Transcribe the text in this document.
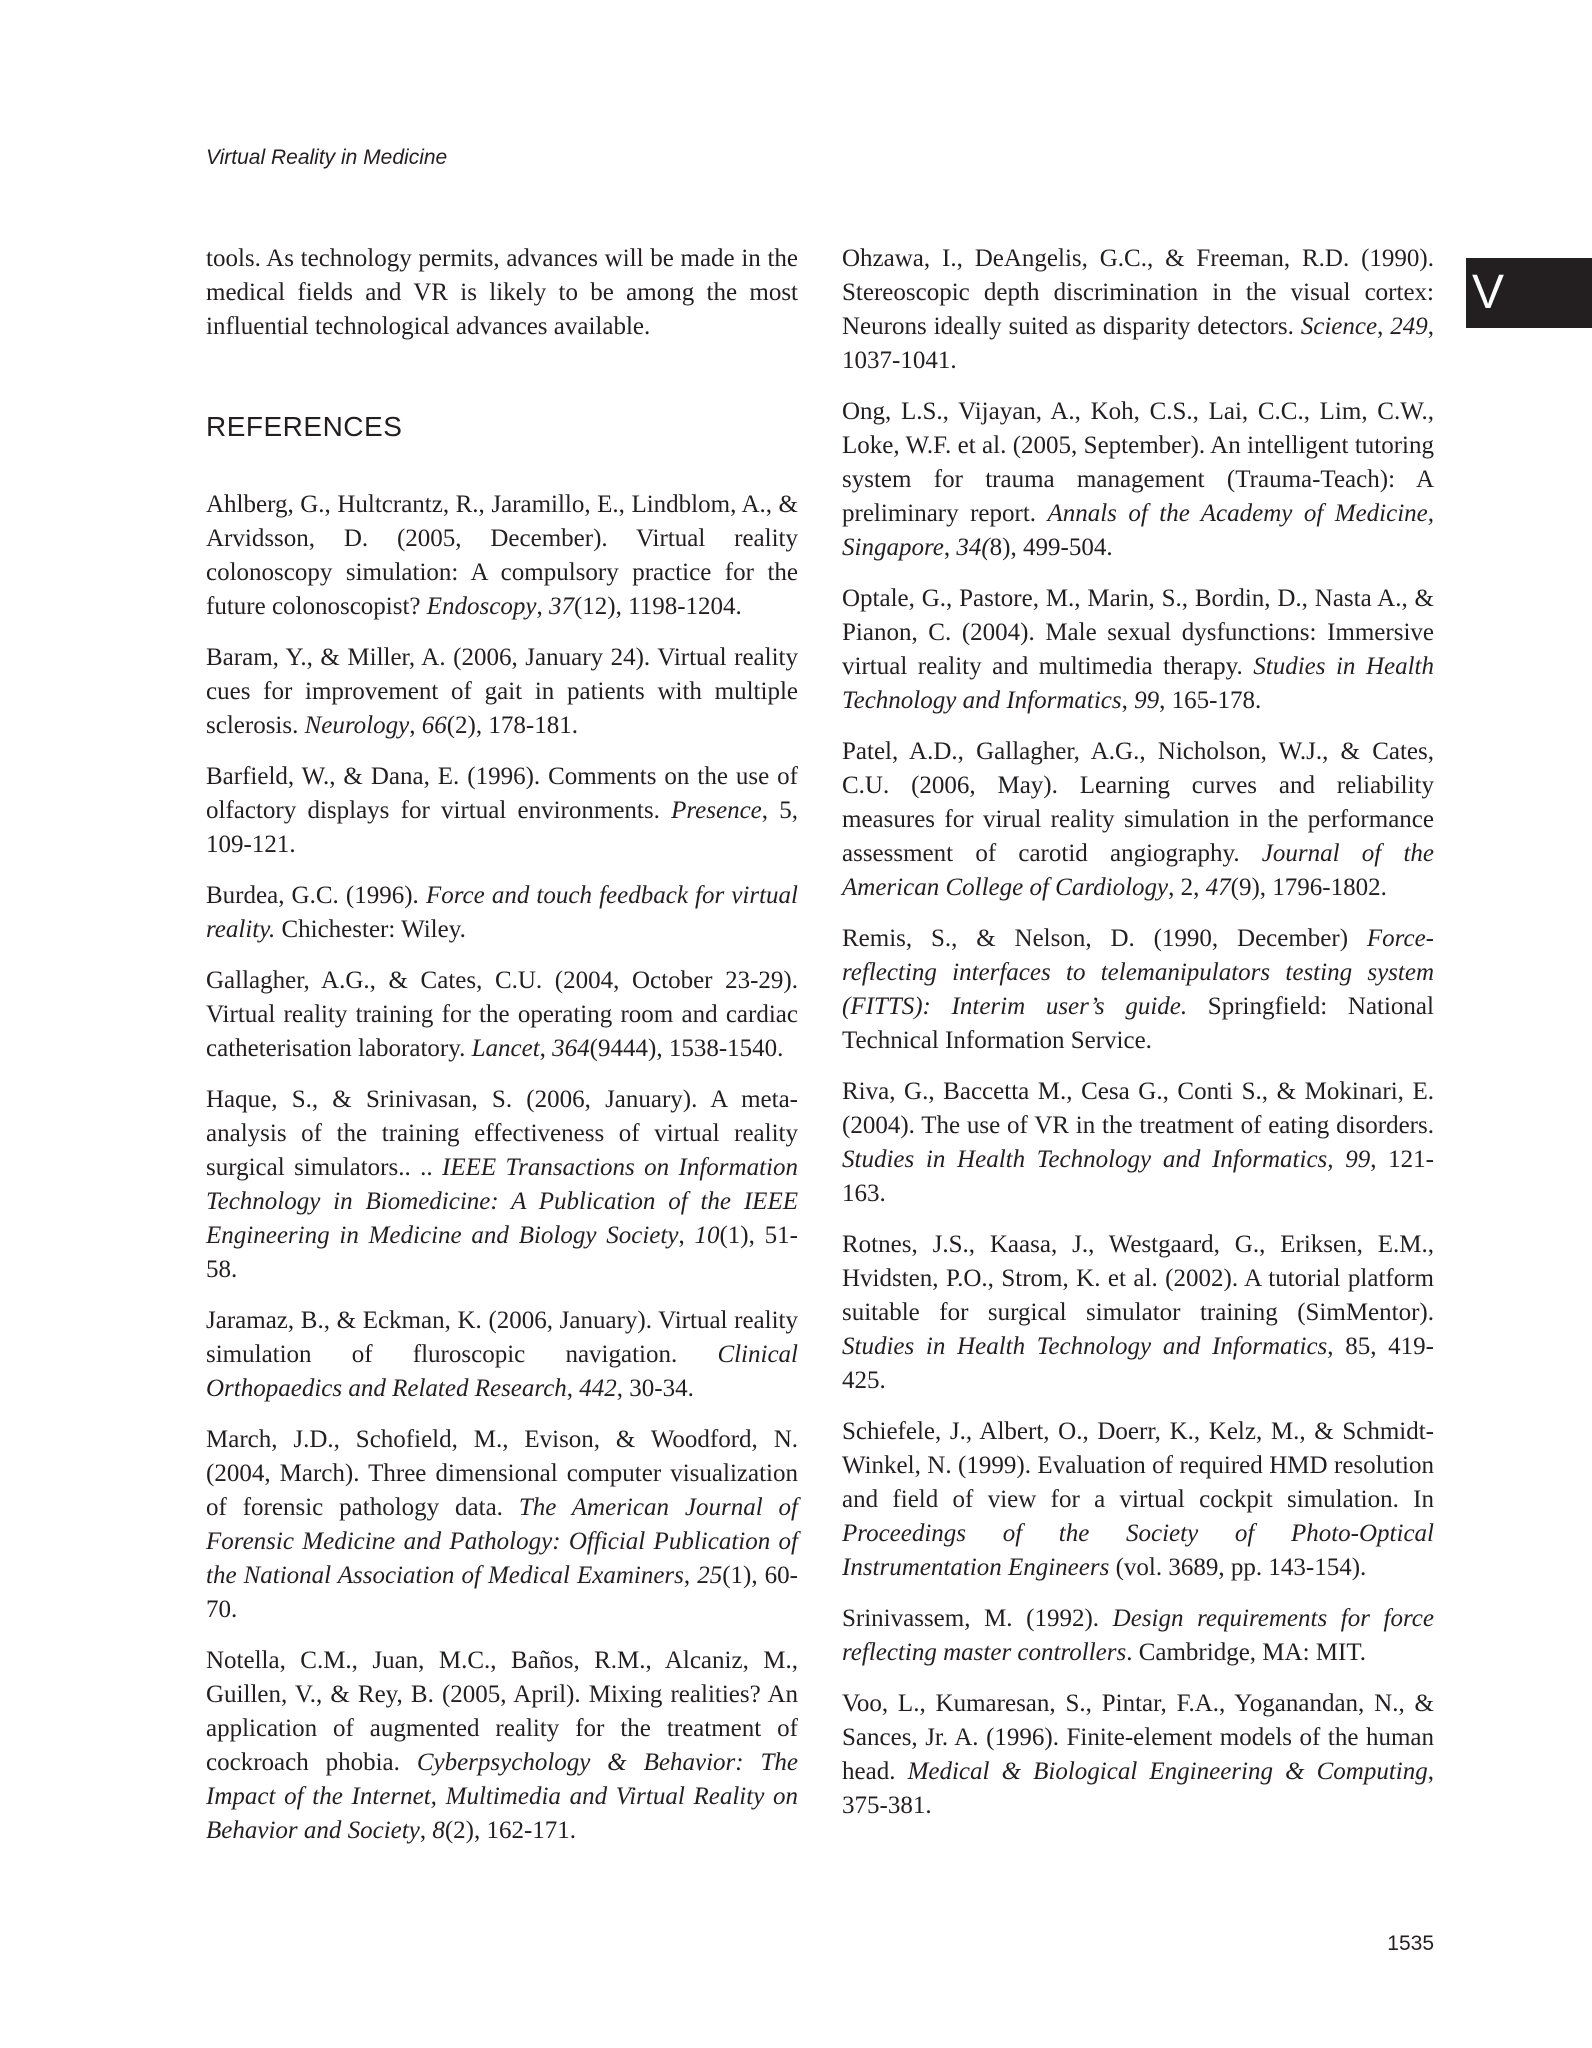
Virtual Reality in Medicine
V

tools. As technology permits, advances will be made in the medical fields and VR is likely to be among the most influential technological advances available.

REFERENCES

Ahlberg, G., Hultcrantz, R., Jaramillo, E., Lindblom, A., & Arvidsson, D. (2005, December). Virtual reality colonoscopy simulation: A compulsory practice for the future colonoscopist? Endoscopy, 37(12), 1198-1204.

Baram, Y., & Miller, A. (2006, January 24). Virtual reality cues for improvement of gait in patients with multiple sclerosis. Neurology, 66(2), 178-181.

Barfield, W., & Dana, E. (1996). Comments on the use of olfactory displays for virtual environments. Presence, 5, 109-121.

Burdea, G.C. (1996). Force and touch feedback for virtual reality. Chichester: Wiley.

Gallagher, A.G., & Cates, C.U. (2004, October 23-29). Virtual reality training for the operating room and cardiac catheterisation laboratory. Lancet, 364(9444), 1538-1540.

Haque, S., & Srinivasan, S. (2006, January). A meta-analysis of the training effectiveness of virtual reality surgical simulators.. .. IEEE Transactions on Information Technology in Biomedicine: A Publication of the IEEE Engineering in Medicine and Biology Society, 10(1), 51-58.

Jaramaz, B., & Eckman, K. (2006, January). Virtual reality simulation of fluroscopic navigation. Clinical Orthopaedics and Related Research, 442, 30-34.

March, J.D., Schofield, M., Evison, & Woodford, N. (2004, March). Three dimensional computer visualization of forensic pathology data. The American Journal of Forensic Medicine and Pathology: Official Publication of the National Association of Medical Examiners, 25(1), 60-70.

Notella, C.M., Juan, M.C., Baños, R.M., Alcaniz, M., Guillen, V., & Rey, B. (2005, April). Mixing realities? An application of augmented reality for the treatment of cockroach phobia. Cyberpsychology & Behavior: The Impact of the Internet, Multimedia and Virtual Reality on Behavior and Society, 8(2), 162-171.

Ohzawa, I., DeAngelis, G.C., & Freeman, R.D. (1990). Stereoscopic depth discrimination in the visual cortex: Neurons ideally suited as disparity detectors. Science, 249, 1037-1041.

Ong, L.S., Vijayan, A., Koh, C.S., Lai, C.C., Lim, C.W., Loke, W.F. et al. (2005, September). An intelligent tutoring system for trauma management (Trauma-Teach): A preliminary report. Annals of the Academy of Medicine, Singapore, 34(8), 499-504.

Optale, G., Pastore, M., Marin, S., Bordin, D., Nasta A., & Pianon, C. (2004). Male sexual dysfunctions: Immersive virtual reality and multimedia therapy. Studies in Health Technology and Informatics, 99, 165-178.

Patel, A.D., Gallagher, A.G., Nicholson, W.J., & Cates, C.U. (2006, May). Learning curves and reliability measures for virual reality simulation in the performance assessment of carotid angiography. Journal of the American College of Cardiology, 2, 47(9), 1796-1802.

Remis, S., & Nelson, D. (1990, December) Force-reflecting interfaces to telemanipulators testing system (FITTS): Interim user’s guide. Springfield: National Technical Information Service.

Riva, G., Baccetta M., Cesa G., Conti S., & Mokinari, E. (2004). The use of VR in the treatment of eating disorders. Studies in Health Technology and Informatics, 99, 121-163.

Rotnes, J.S., Kaasa, J., Westgaard, G., Eriksen, E.M., Hvidsten, P.O., Strom, K. et al. (2002). A tutorial platform suitable for surgical simulator training (SimMentor). Studies in Health Technology and Informatics, 85, 419-425.

Schiefele, J., Albert, O., Doerr, K., Kelz, M., & Schmidt-Winkel, N. (1999). Evaluation of required HMD resolution and field of view for a virtual cockpit simulation. In Proceedings of the Society of Photo-Optical Instrumentation Engineers (vol. 3689, pp. 143-154).

Srinivassem, M. (1992). Design requirements for force reflecting master controllers. Cambridge, MA: MIT.

Voo, L., Kumaresan, S., Pintar, F.A., Yoganandan, N., & Sances, Jr. A. (1996). Finite-element models of the human head. Medical & Biological Engineering & Computing, 375-381.

1535
